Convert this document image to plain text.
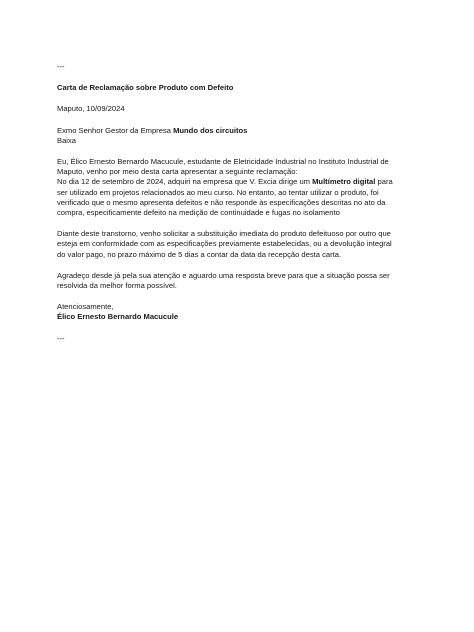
---
Carta de Reclamação sobre Produto com Defeito
Maputo, 10/09/2024

Exmo Senhor Gestor da Empresa Mundo dos circuitos
Baixa

Eu, Élico Ernesto Bernardo Macucule, estudante de Eletricidade Industrial no Instituto Industrial de
Maputo, venho por meio desta carta apresentar a seguinte reclamação:
No dia 12 de setembro de 2024, adquiri na empresa que V. Excia dirige um Multímetro digital para
ser utilizado em projetos relacionados ao meu curso. No entanto, ao tentar utilizar o produto, foi
verificado que o mesmo apresenta defeitos e não responde às especificações descritas no ato da
compra, especificamente defeito na medição de continuidade e fugas no isolamento

Diante deste transtorno, venho solicitar a substituição imediata do produto defeituoso por outro que
esteja em conformidade com as especificações previamente estabelecidas, ou a devolução integral
do valor pago, no prazo máximo de 5 dias a contar da data da recepção desta carta.

Agradeço desde já pela sua atenção e aguardo uma resposta breve para que a situação possa ser
resolvida da melhor forma possível.

Atenciosamente,
Élico Ernesto Bernardo Macucule
---
